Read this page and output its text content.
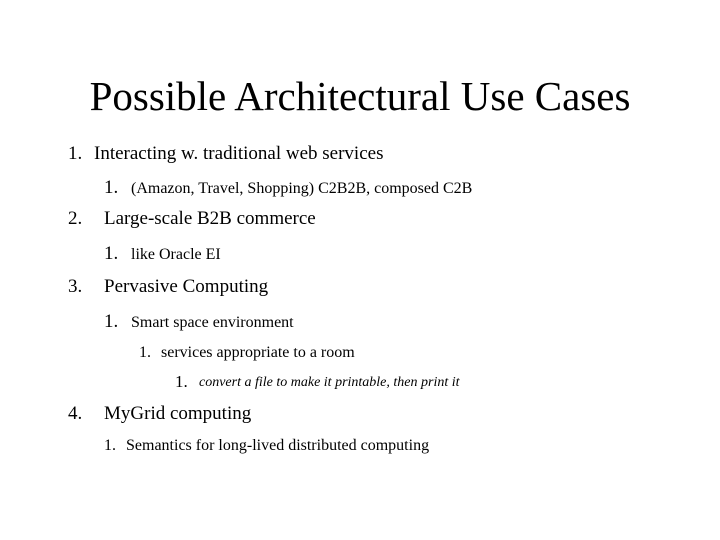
Possible Architectural Use Cases
1. Interacting w. traditional web services
1. (Amazon, Travel, Shopping) C2B2B, composed C2B
2. Large-scale B2B commerce
1. like Oracle EI
3. Pervasive Computing
1. Smart space environment
1. services appropriate to a room
1. convert a file to make it printable, then print it
4. MyGrid computing
1. Semantics for long-lived distributed computing
